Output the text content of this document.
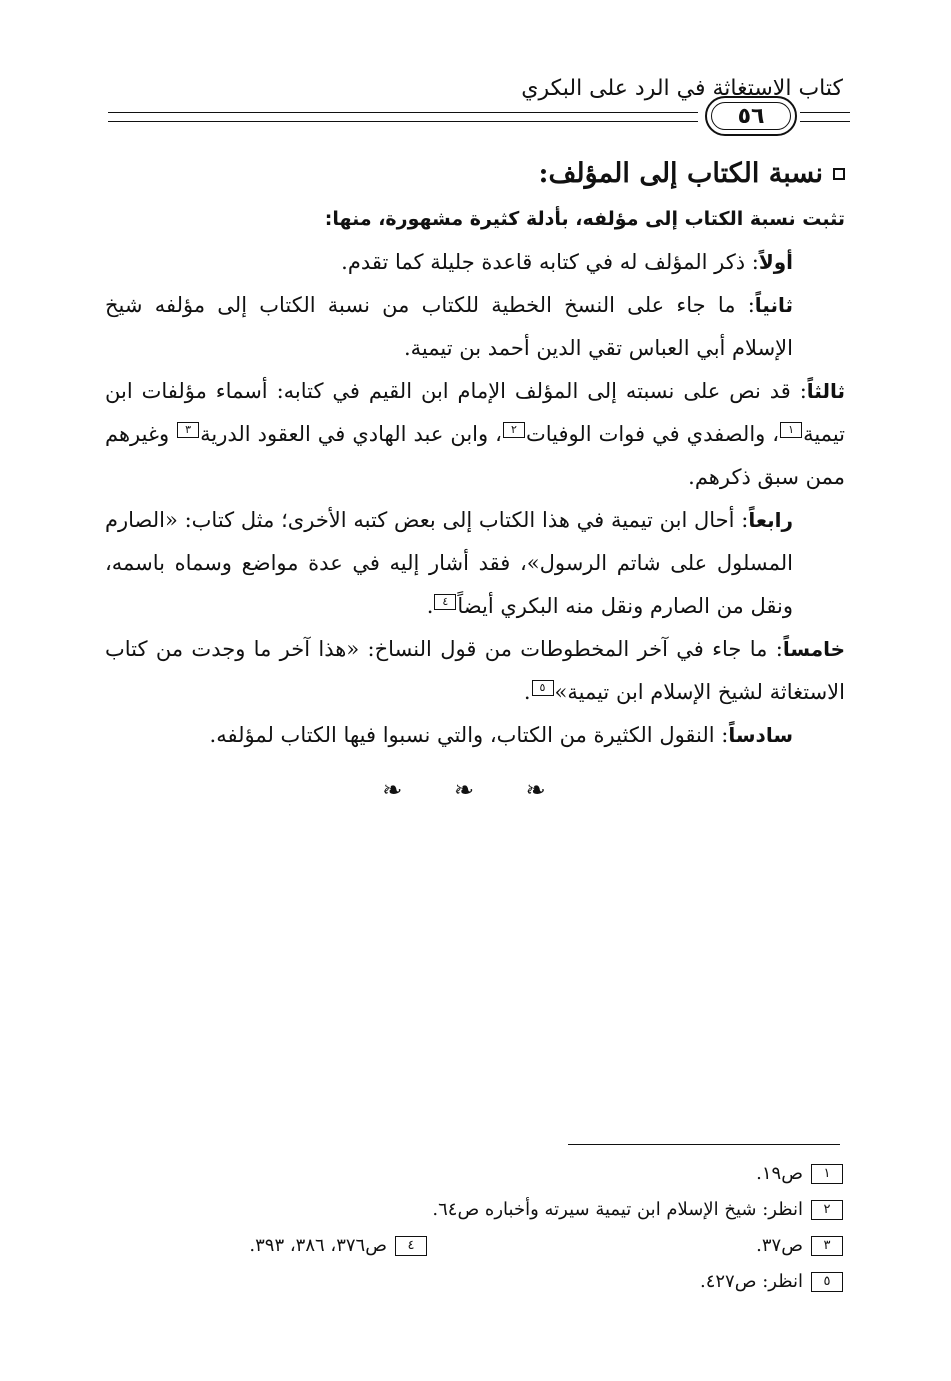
كتاب الاستغاثة في الرد على البكري
٥٦
نسبة الكتاب إلى المؤلف:

تثبت نسبة الكتاب إلى مؤلفه، بأدلة كثيرة مشهورة، منها:

أولاً: ذكر المؤلف له في كتابه قاعدة جليلة كما تقدم.

ثانياً: ما جاء على النسخ الخطية للكتاب من نسبة الكتاب إلى مؤلفه شيخ الإسلام أبي العباس تقي الدين أحمد بن تيمية.

ثالثاً: قد نص على نسبته إلى المؤلف الإمام ابن القيم في كتابه: أسماء مؤلفات ابن تيمية١، والصفدي في فوات الوفيات٢، وابن عبد الهادي في العقود الدرية٣ وغيرهم ممن سبق ذكرهم.

رابعاً: أحال ابن تيمية في هذا الكتاب إلى بعض كتبه الأخرى؛ مثل كتاب: «الصارم المسلول على شاتم الرسول»، فقد أشار إليه في عدة مواضع وسماه باسمه، ونقل من الصارم ونقل منه البكري أيضاً٤.

خامساً: ما جاء في آخر المخطوطات من قول النساخ: «هذا آخر ما وجدت من كتاب الاستغاثة لشيخ الإسلام ابن تيمية»٥.

سادساً: النقول الكثيرة من الكتاب، والتي نسبوا فيها الكتاب لمؤلفه.

❧ ❧ ❧
١
ص١٩.
٢
انظر: شيخ الإسلام ابن تيمية سيرته وأخباره ص٦٤.
٣
ص٣٧.
٥
انظر: ص٤٢٧.
٤
ص٣٧٦، ٣٨٦، ٣٩٣.
